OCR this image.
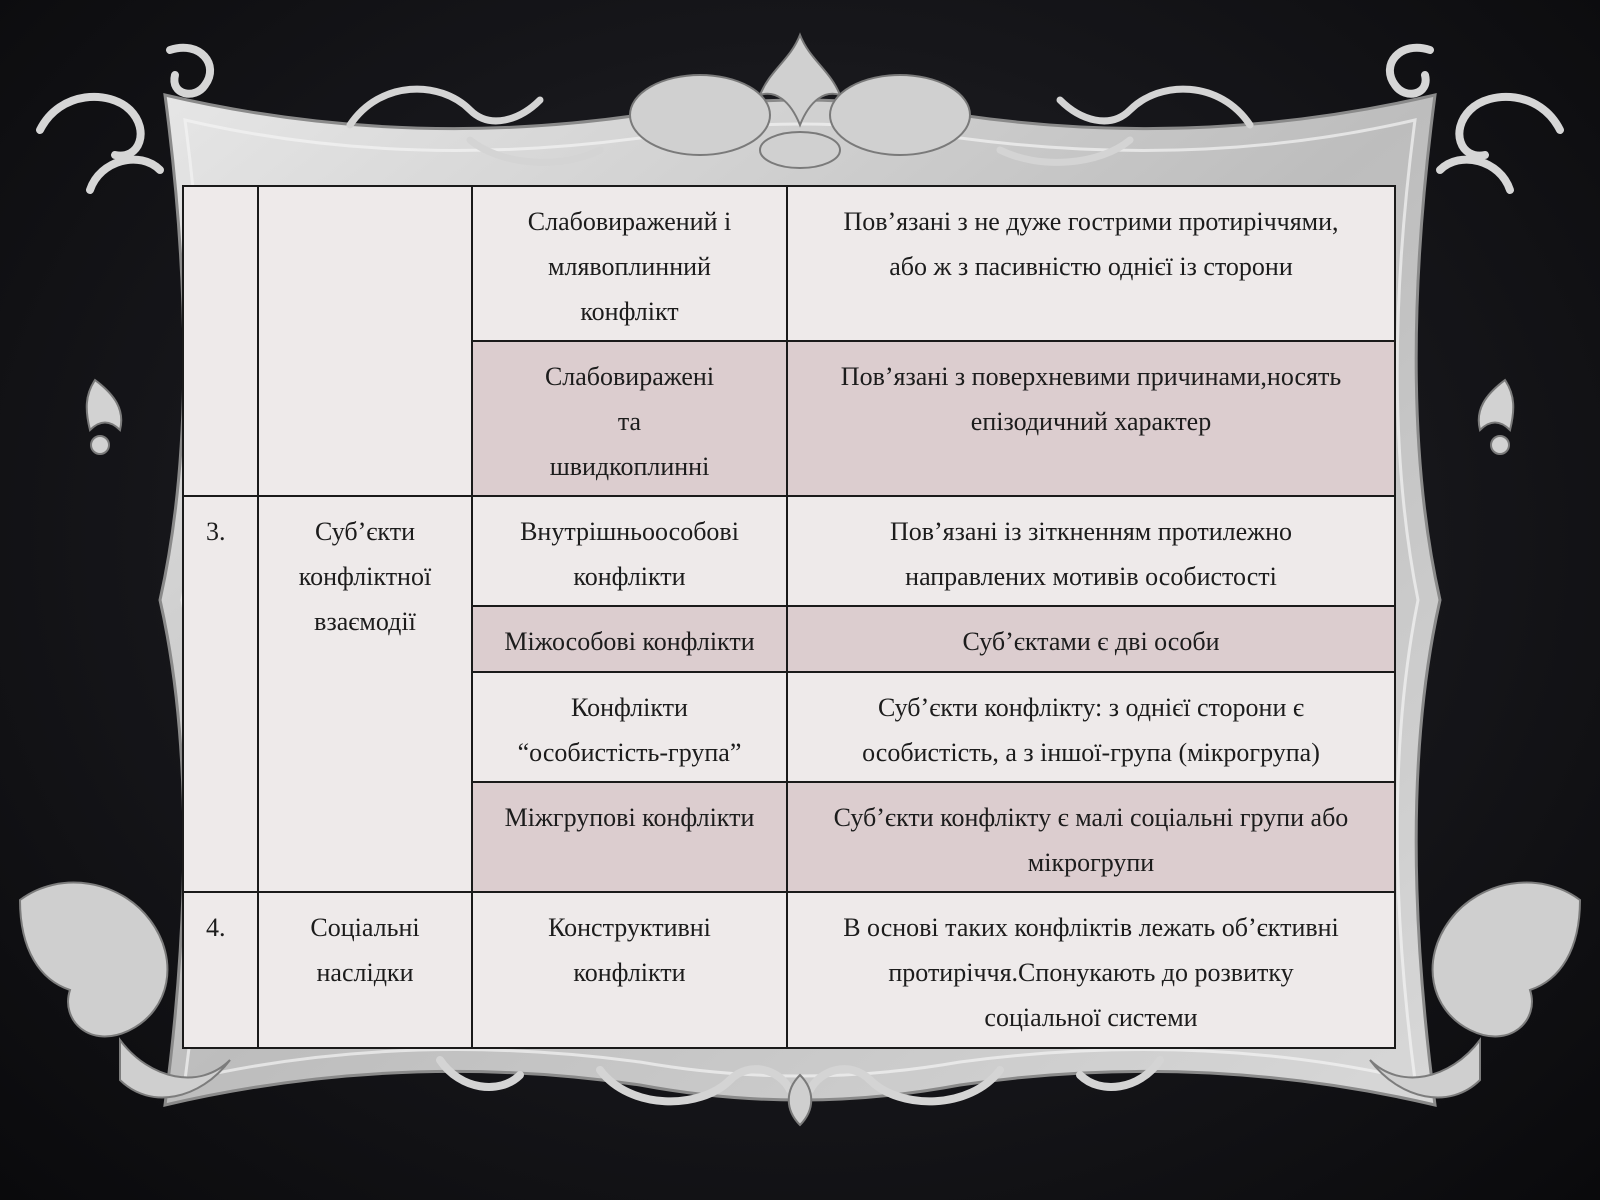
		Слабовиражений і
млявоплинний
конфлікт	Пов’язані з не дуже гострими протиріччями,
або ж з пасивністю однієї із сторони

		Слабовиражені
та
швидкоплинні	Пов’язані з поверхневими причинами,носять
епізодичний характер

3.	Суб’єкти
конфліктної
взаємодії	Внутрішньоособові
конфлікти	Пов’язані із зіткненням протилежно
направлених мотивів особистості

		Міжособові конфлікти	Суб’єктами є дві особи

		Конфлікти
“особистість-група”	Суб’єкти конфлікту: з однієї сторони є
особистість, а з іншої-група (мікрогрупа)

		Міжгрупові конфлікти	Суб’єкти конфлікту є малі соціальні групи або
мікрогрупи

4.	Соціальні
наслідки	Конструктивні
конфлікти	В основі таких конфліктів лежать об’єктивні
протиріччя.Спонукають до розвитку
соціальної системи
